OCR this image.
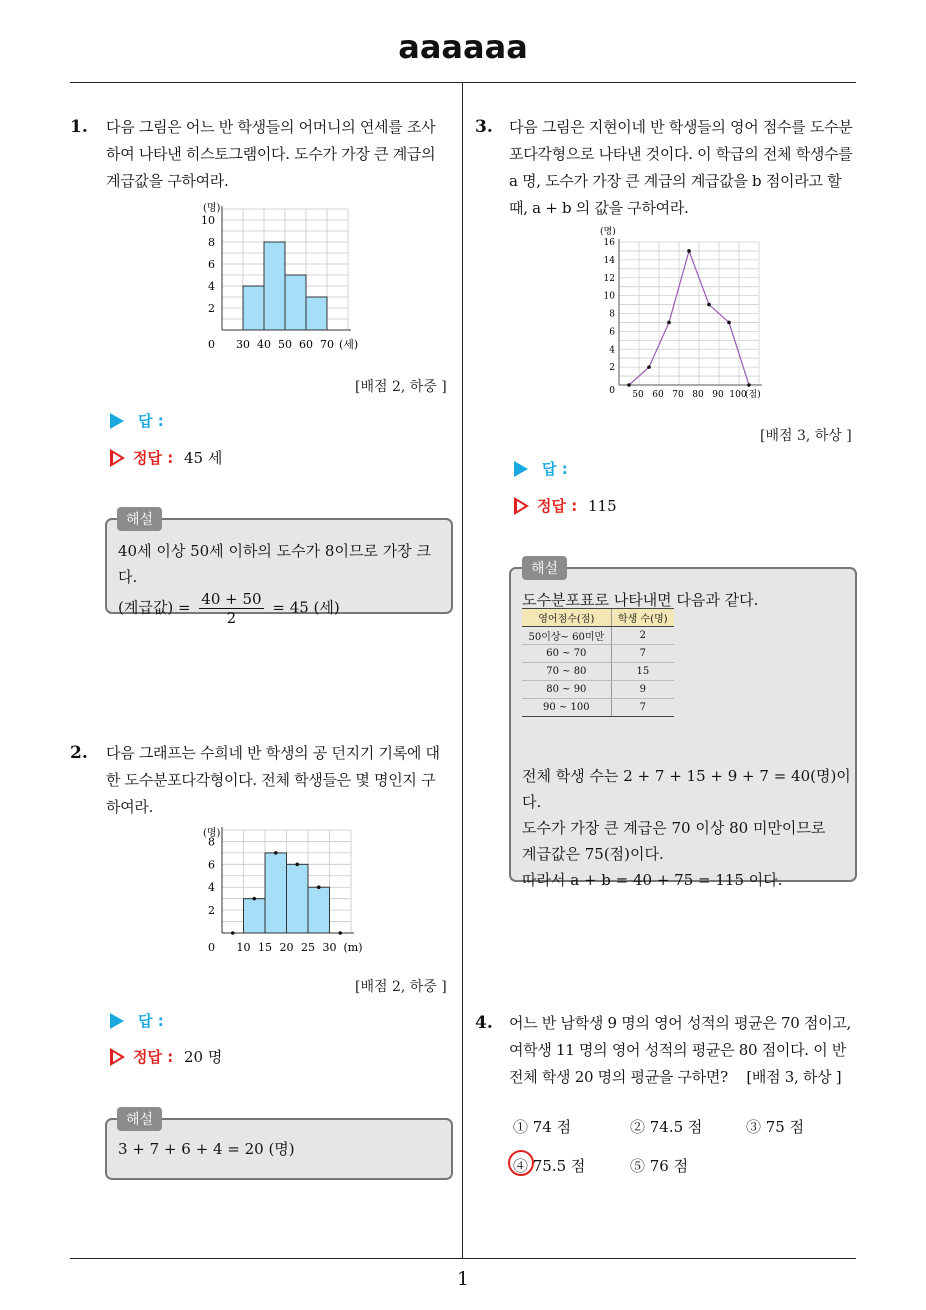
aaaaaa
1
1. 다음 그림은 어느 반 학생들의 어머니의 연세를 조사
하여 나타낸 히스토그램이다. 도수가 가장 큰 계급의
계급값을 구하여라.
(명)
2
4
6
8
10
0 30 40 50 60 70 (세)
[배점 2, 하중 ]
답 :
정답 : 45 세
해설
40세 이상 50세 이하의 도수가 8이므로 가장 크다.
(계급값) = $\frac{40 + 50}{2} = 45$ (세)
2. 다음 그래프는 수희네 반 학생의 공 던지기 기록에 대
한 도수분포다각형이다. 전체 학생들은 몇 명인지 구
하여라.
(명)
2
4
6
8
0 10 15 20 25 30 (m)
[배점 2, 하중 ]
답 :
정답 : 20 명
해설
3 + 7 + 6 + 4 = 20 (명)
3. 다음 그림은 지현이네 반 학생들의 영어 점수를 도수분
포다각형으로 나타낸 것이다. 이 학급의 전체 학생수를
a 명, 도수가 가장 큰 계급의 계급값을 b 점이라고 할
때, a + b 의 값을 구하여라.
(명)
2
4
6
8
10
12
14
16
0 50 60 70 80 90 100
(점)
[배점 3, 하상 ]
답 :
정답 : 115
해설
도수분포표로 나타내면 다음과 같다.
영어점수(점)	학생 수(명)
50이상~ 60미만	2
60 ~ 70	7
70 ~ 80	15
80 ~ 90	9
90 ~ 100	7
전체 학생 수는 2 + 7 + 15 + 9 + 7 = 40(명)이다.
도수가 가장 큰 계급은 70 이상 80 미만이므로
계급값은 75(점)이다.
따라서 a + b = 40 + 75 = 115 이다.
4. 어느 반 남학생 9 명의 영어 성적의 평균은 70 점이고,
여학생 11 명의 영어 성적의 평균은 80 점이다. 이 반
전체 학생 20 명의 평균을 구하면? [배점 3, 하상 ]
① 74 점	② 74.5 점	③ 75 점
④ 75.5 점	⑤ 76 점
